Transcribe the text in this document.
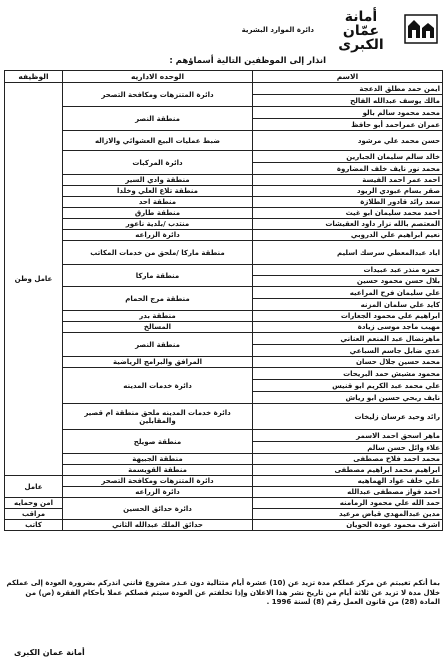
أمانة
عمّان
الكبرى
دائرة الموارد البشرية
انذار إلى الموظفين التالية أسماؤهم :
الاسم	الوحده الاداريه	الوظيفه
ايمن حمد مطلق الدعجة	دائرة المتنزهات ومكافحة التصحر	عامل وطن
مالك يوسف عبدالله الفالح		
محمد محمود سالم بالو	منطقة النصر	
عمران عمراحمد أبو حافظ		
حسن محمد علي مرشود	ضبط عمليات البيع العشوائي والازاله	
خالد سالم سليمان الجبارين	دائرة المركبات	
محمد نور نايف خلف المضاروة		
احمد عمر احمد الفيسة	منطقة وادي السير	
صقر بسام عبودي الريود	منطقة تلاع العلي وخلدا	
سعد رائد قادور الطلازة	منطقة احد	
احمد محمد سليمان ابو غيث	منطقة طارق	
المعتصم بالله نزار داود العقيشات	منتدب /بلدية ناعور	
نعيم ابراهيم علي الدروبي	دائرة الزراعه	
اياد عبدالمعطي سرسك اسليم	منطقة ماركا /ملحق من خدمات المكاتب	
حمزه منذر عبد عبيدات	منطقة ماركا	
بلال حسن محمود حسين		
علي سليمان فرح المراعيه	منطقة مرج الحمام	
كايد علي سلمان المزنه		
ابراهيم علي محمود الجعارات	منطقة بدر	
مهيب ماجد موسى زيادة	المسالخ	
ماهرنضال عبد المنعم العناني	منطقة النصر	
عدي ضابل جاسم السباعي		
محمد حسين جلال حسان	المرافق والبرامج الرياضية	
محمود مشيش حمد البريحات	دائرة خدمات المدينه	
علي محمد عبد الكريم ابو قنيس		
نايف ربحي حسين ابو رياش		
رائد وحيد عرسان زليخات	دائرة خدمات المدينه ملحق منطقة ام قصير والمقابلين	
ماهر اسحق احمد الاسمر	منطقة صويلح	
علاء وائل حسن سالم		
محمد احمد فلاح مصطفى	منطقة الجبيهة	
ابراهيم محمد ابراهيم مصطفى	منطقة القويسمة	
علي خلف عواد الهماهيه	دائرة المتنزهات ومكافحة التصحر	عامل
احمد فواز مصطفى عبدالله	دائرة الزراعه	
حمد الله علي محمود الرمامنه	دائرة حدائق الحسين	امن وحمايه
مدين عبدالمهدي قياض مرعيد		مراقب
اشرف محمود عودة الحويان	حدائق الملك عبدالله الثاني	كاتب
بما أنكم تغيبتم عن مركز عملكم مدة تزيد عن (10) عشرة أيام متتالية دون عـذر مشروع فانني انذركم بضرورة العودة إلى عملكم خلال مدة لا تزيد عن ثلاثة أيام من تاريخ نشر هذا الاعلان وإذا تخلفتم عن العودة سيتم فصلكم عملا بأحكام الفقرة (ص) من المادة (28) من قانون العمل رقم (8) لسنة 1996 .
أمانة عمان الكبرى
